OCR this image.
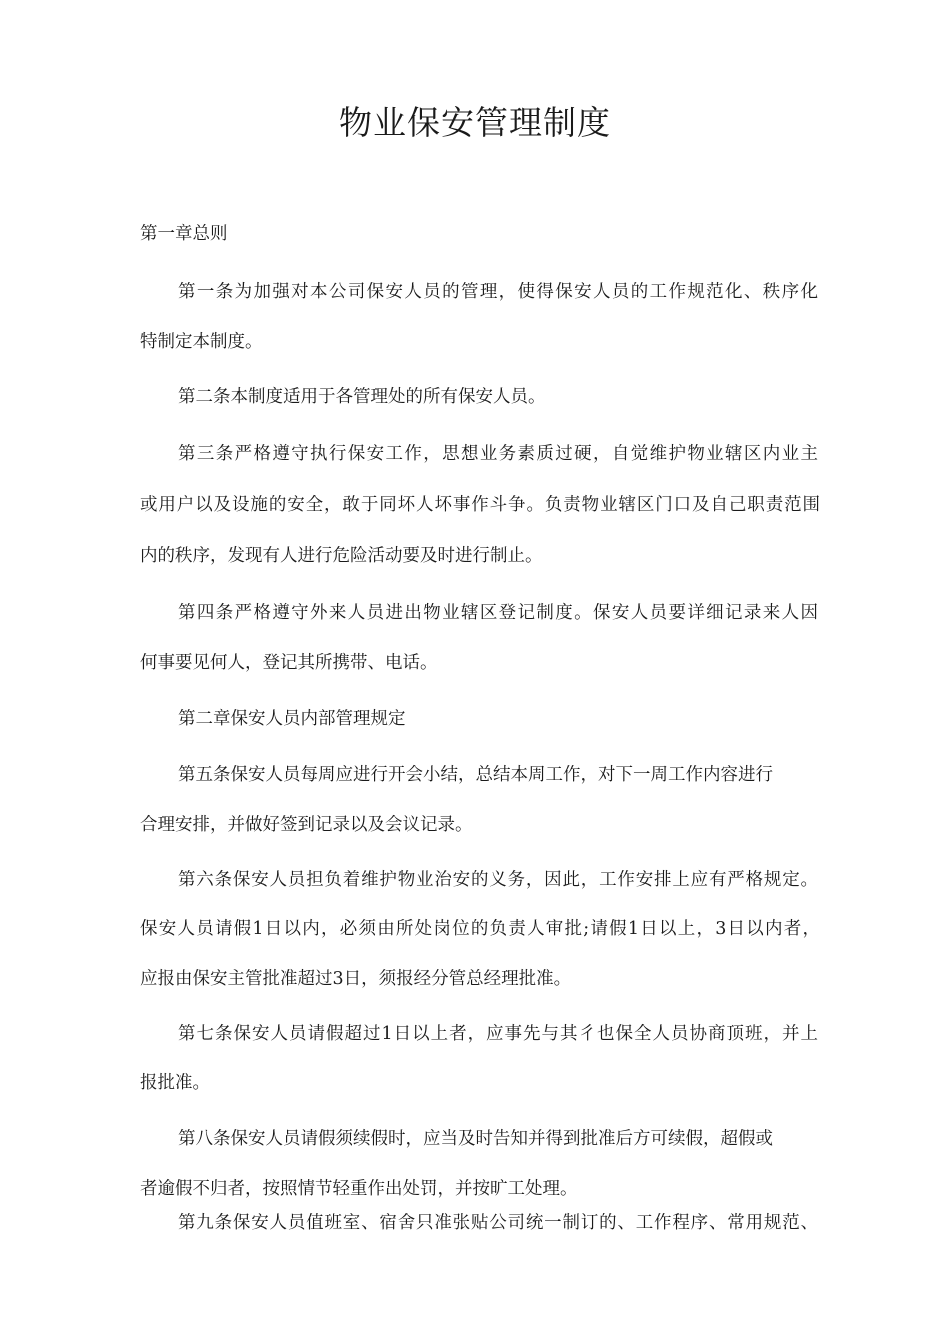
物业保安管理制度

第一章总则

第一条为加强对本公司保安人员的管理，使得保安人员的工作规范化、秩序化

特制定本制度。

第二条本制度适用于各管理处的所有保安人员。

第三条严格遵守执行保安工作，思想业务素质过硬，自觉维护物业辖区内业主

或用户以及设施的安全，敢于同坏人坏事作斗争。负责物业辖区门口及自己职责范围

内的秩序，发现有人进行危险活动要及时进行制止。

第四条严格遵守外来人员进出物业辖区登记制度。保安人员要详细记录来人因

何事要见何人，登记其所携带、电话。

第二章保安人员内部管理规定

第五条保安人员每周应进行开会小结，总结本周工作，对下一周工作内容进行

合理安排，并做好签到记录以及会议记录。

第六条保安人员担负着维护物业治安的义务，因此，工作安排上应有严格规定。

保安人员请假1日以内，必须由所处岗位的负责人审批;请假1日以上，3日以内者，

应报由保安主管批准超过3日，须报经分管总经理批准。

第七条保安人员请假超过1日以上者，应事先与其彳也保全人员协商顶班，并上

报批准。

第八条保安人员请假须续假时，应当及时告知并得到批准后方可续假，超假或

者逾假不归者，按照情节轻重作出处罚，并按旷工处理。

第九条保安人员值班室、宿舍只准张贴公司统一制订的、工作程序、常用规范、
